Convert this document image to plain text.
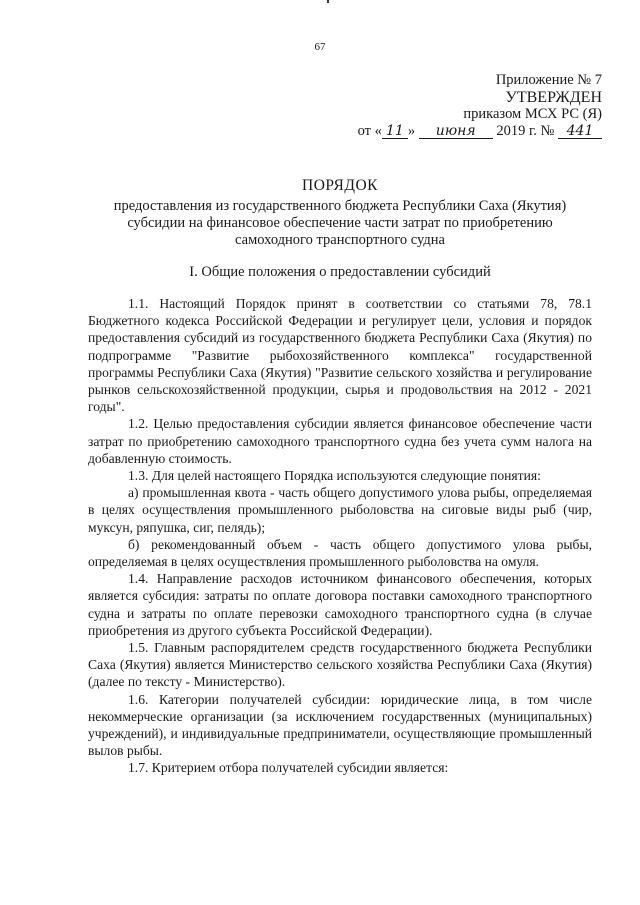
67
Приложение № 7
УТВЕРЖДЕН
приказом МСХ РС (Я)
от « 11 » июня 2019 г. № 441
ПОРЯДОК
предоставления из государственного бюджета Республики Саха (Якутия)
субсидии на финансовое обеспечение части затрат по приобретению
самоходного транспортного судна
I. Общие положения о предоставлении субсидий

1.1. Настоящий Порядок принят в соответствии со статьями 78, 78.1 Бюджетного кодекса Российской Федерации и регулирует цели, условия и порядок предоставления субсидий из государственного бюджета Республики Саха (Якутия) по подпрограмме "Развитие рыбохозяйственного комплекса" государственной программы Республики Саха (Якутия) "Развитие сельского хозяйства и регулирование рынков сельскохозяйственной продукции, сырья и продовольствия на 2012 - 2021 годы".

1.2. Целью предоставления субсидии является финансовое обеспечение части затрат по приобретению самоходного транспортного судна без учета сумм налога на добавленную стоимость.

1.3. Для целей настоящего Порядка используются следующие понятия:

а) промышленная квота - часть общего допустимого улова рыбы, определяемая в целях осуществления промышленного рыболовства на сиговые виды рыб (чир, муксун, ряпушка, сиг, пелядь);

б) рекомендованный объем - часть общего допустимого улова рыбы, определяемая в целях осуществления промышленного рыболовства на омуля.

1.4. Направление расходов источником финансового обеспечения, которых является субсидия: затраты по оплате договора поставки самоходного транспортного судна и затраты по оплате перевозки самоходного транспортного судна (в случае приобретения из другого субъекта Российской Федерации).

1.5. Главным распорядителем средств государственного бюджета Республики Саха (Якутия) является Министерство сельского хозяйства Республики Саха (Якутия) (далее по тексту - Министерство).

1.6. Категории получателей субсидии: юридические лица, в том числе некоммерческие организации (за исключением государственных (муниципальных) учреждений), и индивидуальные предприниматели, осуществляющие промышленный вылов рыбы.

1.7. Критерием отбора получателей субсидии является:
